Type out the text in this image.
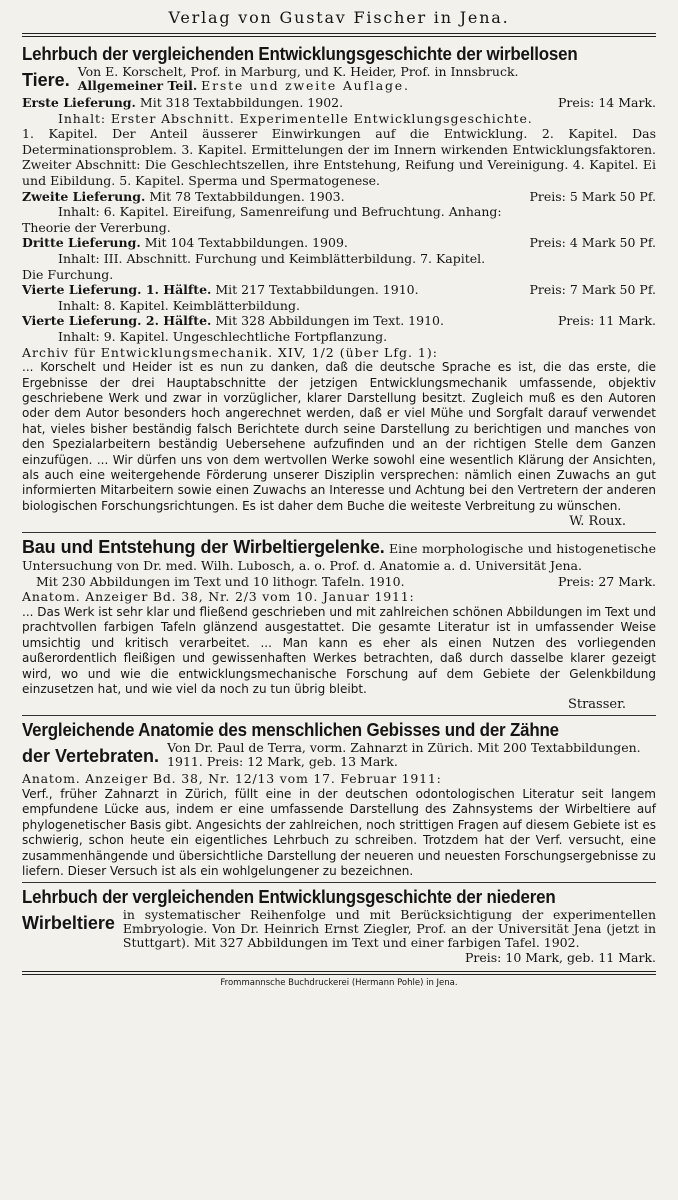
Verlag von Gustav Fischer in Jena.
Lehrbuch der vergleichenden Entwicklungsgeschichte der wirbellosen
Tiere. Von E. Korschelt, Prof. in Marburg, und K. Heider, Prof. in Innsbruck.
Allgemeiner Teil. Erste und zweite Auflage.
Erste Lieferung. Mit 318 Textabbildungen. 1902.	Preis: 14 Mark.
Inhalt: Erster Abschnitt. Experimentelle Entwicklungsgeschichte.
1. Kapitel. Der Anteil äusserer Einwirkungen auf die Entwicklung. 2. Kapitel. Das Determinationsproblem. 3. Kapitel. Ermittelungen der im Innern wirkenden Entwicklungsfaktoren. Zweiter Abschnitt: Die Geschlechtszellen, ihre Entstehung, Reifung und Vereinigung. 4. Kapitel. Ei und Eibildung. 5. Kapitel. Sperma und Spermatogenese.
Zweite Lieferung. Mit 78 Textabbildungen. 1903.	Preis: 5 Mark 50 Pf.
Inhalt: 6. Kapitel. Eireifung, Samenreifung und Befruchtung. Anhang:
Theorie der Vererbung.
Dritte Lieferung. Mit 104 Textabbildungen. 1909.	Preis: 4 Mark 50 Pf.
Inhalt: III. Abschnitt. Furchung und Keimblätterbildung. 7. Kapitel.
Die Furchung.
Vierte Lieferung. 1. Hälfte. Mit 217 Textabbildungen. 1910.	Preis: 7 Mark 50 Pf.
Inhalt: 8. Kapitel. Keimblätterbildung.
Vierte Lieferung. 2. Hälfte. Mit 328 Abbildungen im Text. 1910.	Preis: 11 Mark.
Inhalt: 9. Kapitel. Ungeschlechtliche Fortpflanzung.
Archiv für Entwicklungsmechanik. XIV, 1/2 (über Lfg. 1):
... Korschelt und Heider ist es nun zu danken, daß die deutsche Sprache es ist, die das erste, die Ergebnisse der drei Hauptabschnitte der jetzigen Entwicklungsmechanik umfassende, objektiv geschriebene Werk und zwar in vorzüglicher, klarer Darstellung besitzt. Zugleich muß es den Autoren oder dem Autor besonders hoch angerechnet werden, daß er viel Mühe und Sorgfalt darauf verwendet hat, vieles bisher beständig falsch Berichtete durch seine Darstellung zu berichtigen und manches von den Spezialarbeitern beständig Uebersehene aufzufinden und an der richtigen Stelle dem Ganzen einzufügen. ... Wir dürfen uns von dem wertvollen Werke sowohl eine wesentlich Klärung der Ansichten, als auch eine weitergehende Förderung unserer Disziplin versprechen: nämlich einen Zuwachs an gut informierten Mitarbeitern sowie einen Zuwachs an Interesse und Achtung bei den Vertretern der anderen biologischen Forschungsrichtungen. Es ist daher dem Buche die weiteste Verbreitung zu wünschen.
W. Roux.
Bau und Entstehung der Wirbeltiergelenke. Eine morphologische und histogenetische Untersuchung von Dr. med. Wilh. Lubosch, a. o. Prof. d. Anatomie a. d. Universität Jena.
Mit 230 Abbildungen im Text und 10 lithogr. Tafeln. 1910.	Preis: 27 Mark.
Anatom. Anzeiger Bd. 38, Nr. 2/3 vom 10. Januar 1911:
... Das Werk ist sehr klar und fließend geschrieben und mit zahlreichen schönen Abbildungen im Text und prachtvollen farbigen Tafeln glänzend ausgestattet. Die gesamte Literatur ist in umfassender Weise umsichtig und kritisch verarbeitet. ... Man kann es eher als einen Nutzen des vorliegenden außerordentlich fleißigen und gewissenhaften Werkes betrachten, daß durch dasselbe klarer gezeigt wird, wo und wie die entwicklungsmechanische Forschung auf dem Gebiete der Gelenkbildung einzusetzen hat, und wie viel da noch zu tun übrig bleibt.
Strasser.
Vergleichende Anatomie des menschlichen Gebisses und der Zähne
der Vertebraten. Von Dr. Paul de Terra, vorm. Zahnarzt in Zürich. Mit 200 Textabbildungen. 1911. Preis: 12 Mark, geb. 13 Mark.
Anatom. Anzeiger Bd. 38, Nr. 12/13 vom 17. Februar 1911:
Verf., früher Zahnarzt in Zürich, füllt eine in der deutschen odontologischen Literatur seit langem empfundene Lücke aus, indem er eine umfassende Darstellung des Zahnsystems der Wirbeltiere auf phylogenetischer Basis gibt. Angesichts der zahlreichen, noch strittigen Fragen auf diesem Gebiete ist es schwierig, schon heute ein eigentliches Lehrbuch zu schreiben. Trotzdem hat der Verf. versucht, eine zusammenhängende und übersichtliche Darstellung der neueren und neuesten Forschungsergebnisse zu liefern. Dieser Versuch ist als ein wohlgelungener zu bezeichnen.
Lehrbuch der vergleichenden Entwicklungsgeschichte der niederen
Wirbeltiere in systematischer Reihenfolge und mit Berücksichtigung der experimentellen Embryologie. Von Dr. Heinrich Ernst Ziegler, Prof. an der Universität Jena (jetzt in Stuttgart). Mit 327 Abbildungen im Text und einer farbigen Tafel. 1902.
Preis: 10 Mark, geb. 11 Mark.
Frommannsche Buchdruckerei (Hermann Pohle) in Jena.
